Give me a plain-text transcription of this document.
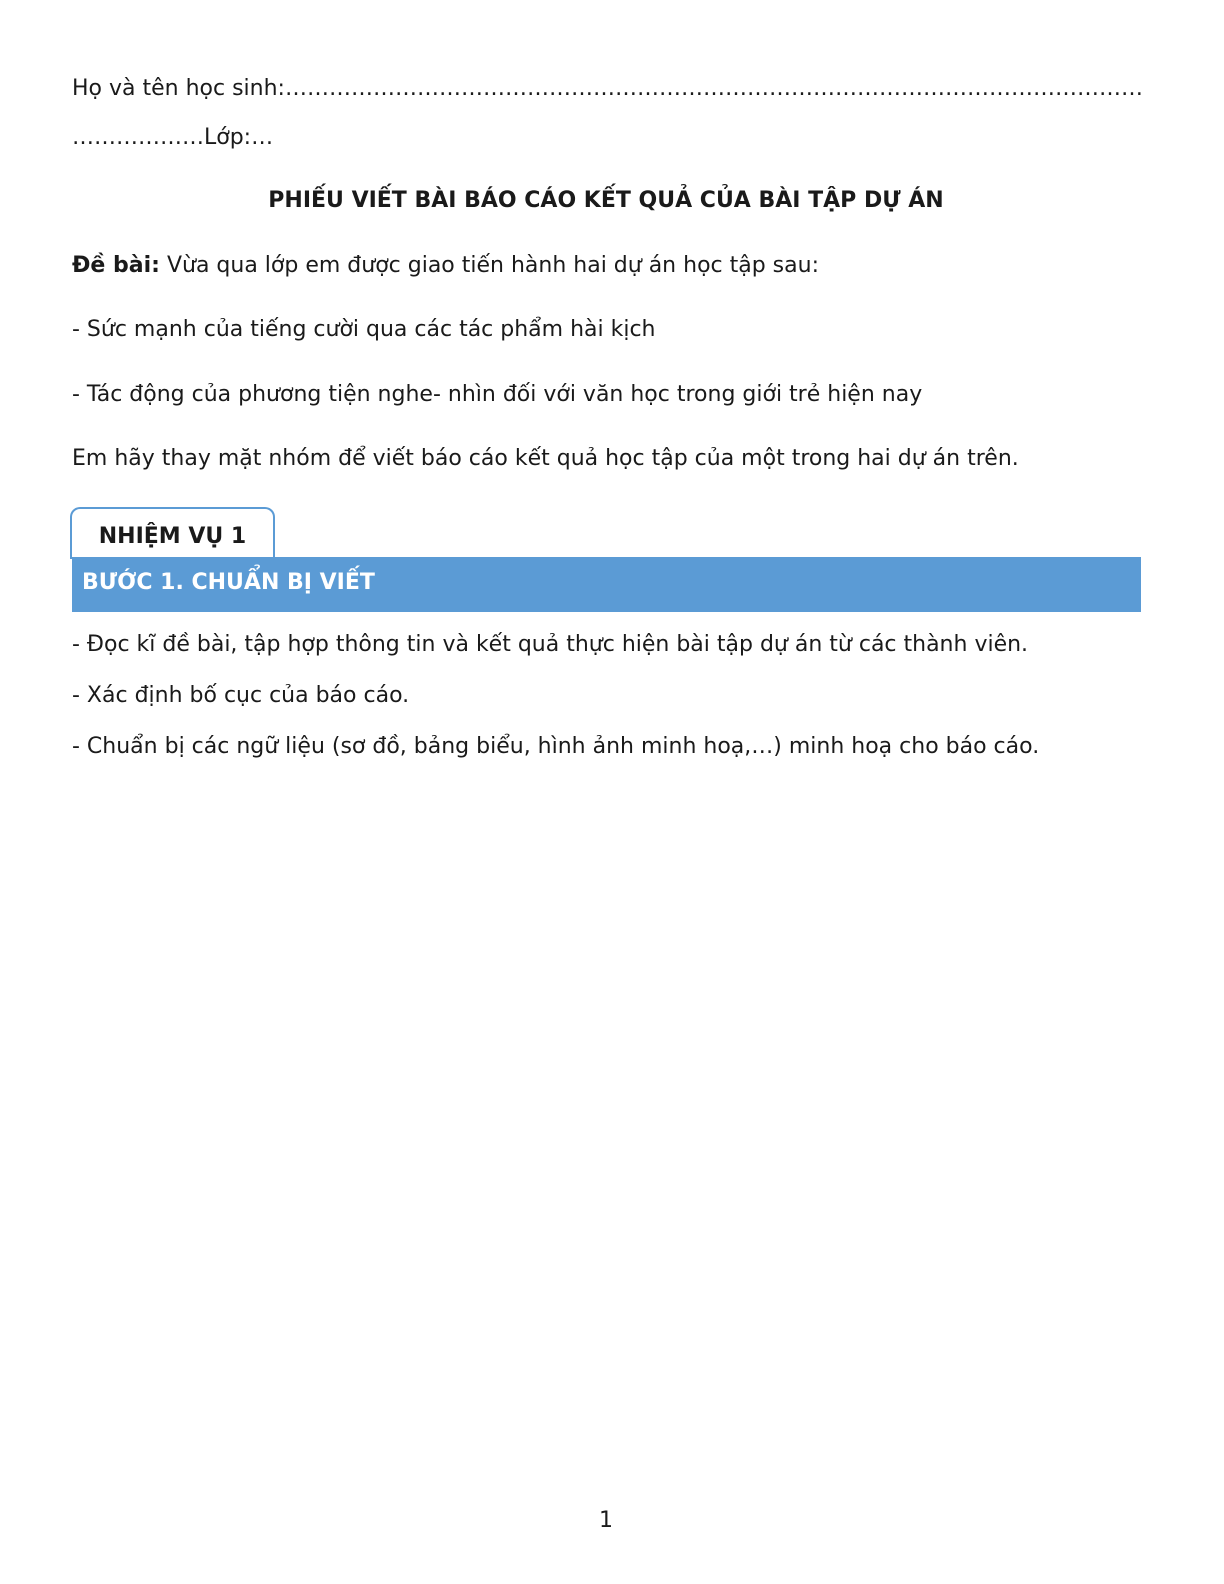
Họ và tên học sinh:………………………………………………………………………………………………………
………………Lớp:…
PHIẾU VIẾT BÀI BÁO CÁO KẾT QUẢ CỦA BÀI TẬP DỰ ÁN
Đề bài: Vừa qua lớp em được giao tiến hành hai dự án học tập sau:
- Sức mạnh của tiếng cười qua các tác phẩm hài kịch
- Tác động của phương tiện nghe- nhìn đối với văn học trong giới trẻ hiện nay
Em hãy thay mặt nhóm để viết báo cáo kết quả học tập của một trong hai dự án trên.
NHIỆM VỤ 1
BƯỚC 1. CHUẨN BỊ VIẾT
- Đọc kĩ đề bài, tập hợp thông tin và kết quả thực hiện bài tập dự án từ các thành viên.
- Xác định bố cục của báo cáo.
- Chuẩn bị các ngữ liệu (sơ đồ, bảng biểu, hình ảnh minh hoạ,…) minh hoạ cho báo cáo.
1
